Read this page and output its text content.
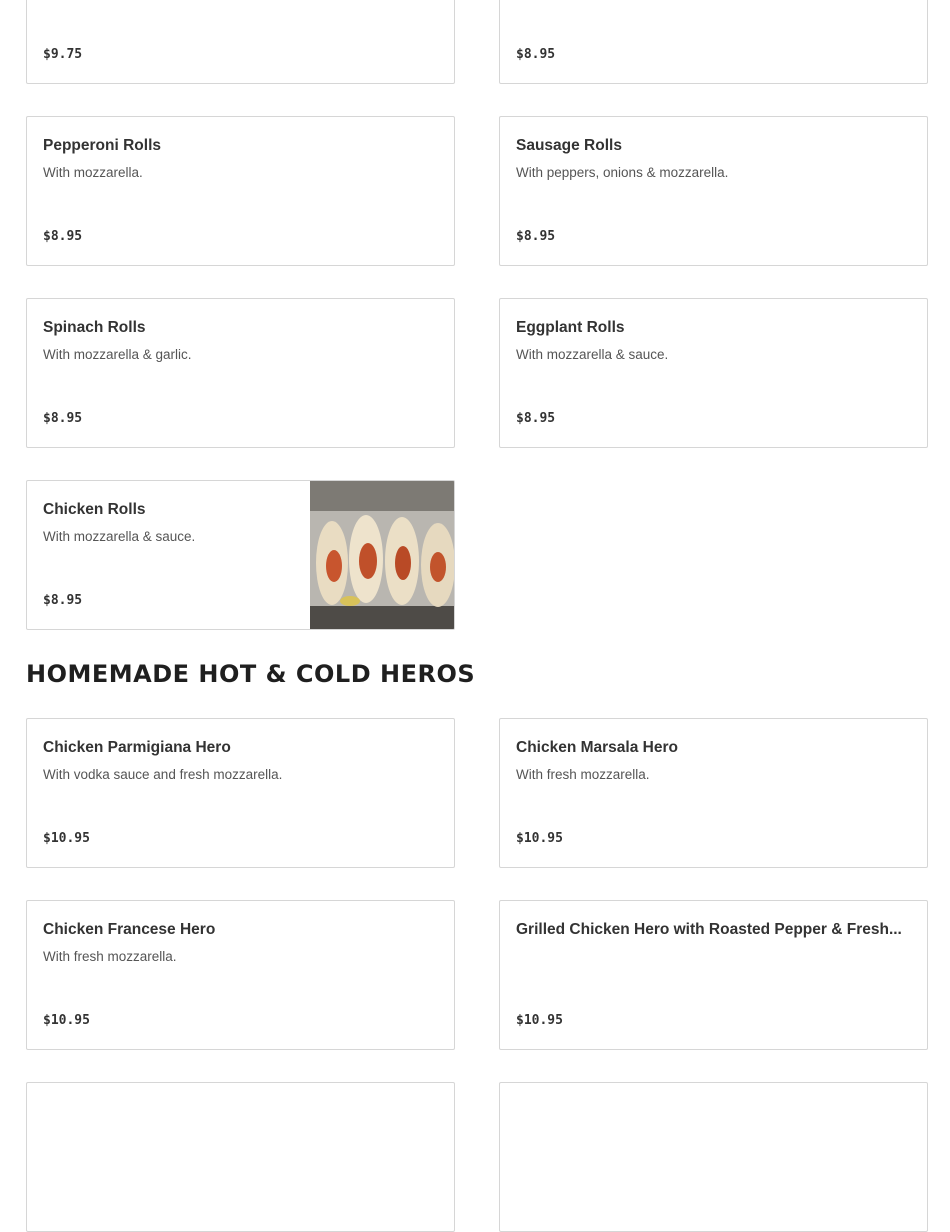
$9.75	$8.95
Pepperoni Rolls
With mozzarella.
$8.95
Sausage Rolls
With peppers, onions & mozzarella.
$8.95
Spinach Rolls
With mozzarella & garlic.
$8.95
Eggplant Rolls
With mozzarella & sauce.
$8.95
Chicken Rolls
With mozzarella & sauce.
$8.95
HOMEMADE HOT & COLD HEROS
Chicken Parmigiana Hero
With vodka sauce and fresh mozzarella.
$10.95
Chicken Marsala Hero
With fresh mozzarella.
$10.95
Chicken Francese Hero
With fresh mozzarella.
$10.95
Grilled Chicken Hero with Roasted Pepper & Fresh...
$10.95
